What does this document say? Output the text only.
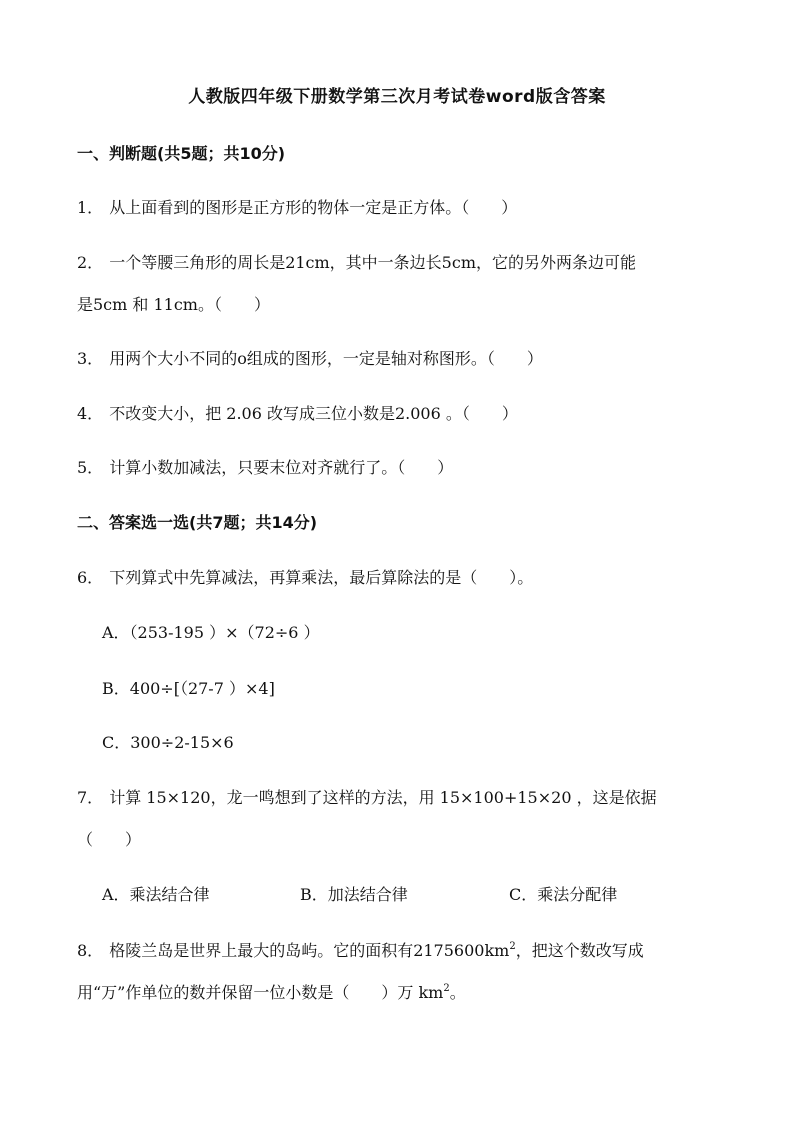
人教版四年级下册数学第三次月考试卷word版含答案
一、判断题(共5题；共10分)
1． 从上面看到的图形是正方形的物体一定是正方体。（　　）
2． 一个等腰三角形的周长是21cm，其中一条边长5cm，它的另外两条边可能
是5cm 和 11cm。（　　）
3． 用两个大小不同的o组成的图形，一定是轴对称图形。（　　）
4． 不改变大小，把 2.06 改写成三位小数是2.006 。（　　）
5． 计算小数加减法，只要末位对齐就行了。（　　）
二、答案选一选(共7题；共14分)
6． 下列算式中先算减法，再算乘法，最后算除法的是（　　）。
A．（253-195 ）×（72÷6 ）
B．400÷[（27-7 ）×4]
C．300÷2-15×6
7． 计算 15×120，龙一鸣想到了这样的方法，用 15×100+15×20 ，这是依据
（　　）
A．乘法结合律	B．加法结合律	C．乘法分配律
8． 格陵兰岛是世界上最大的岛屿。它的面积有$2175600km^2$，把这个数改写成
用“万”作单位的数并保留一位小数是（　　）万 $km^2$。
